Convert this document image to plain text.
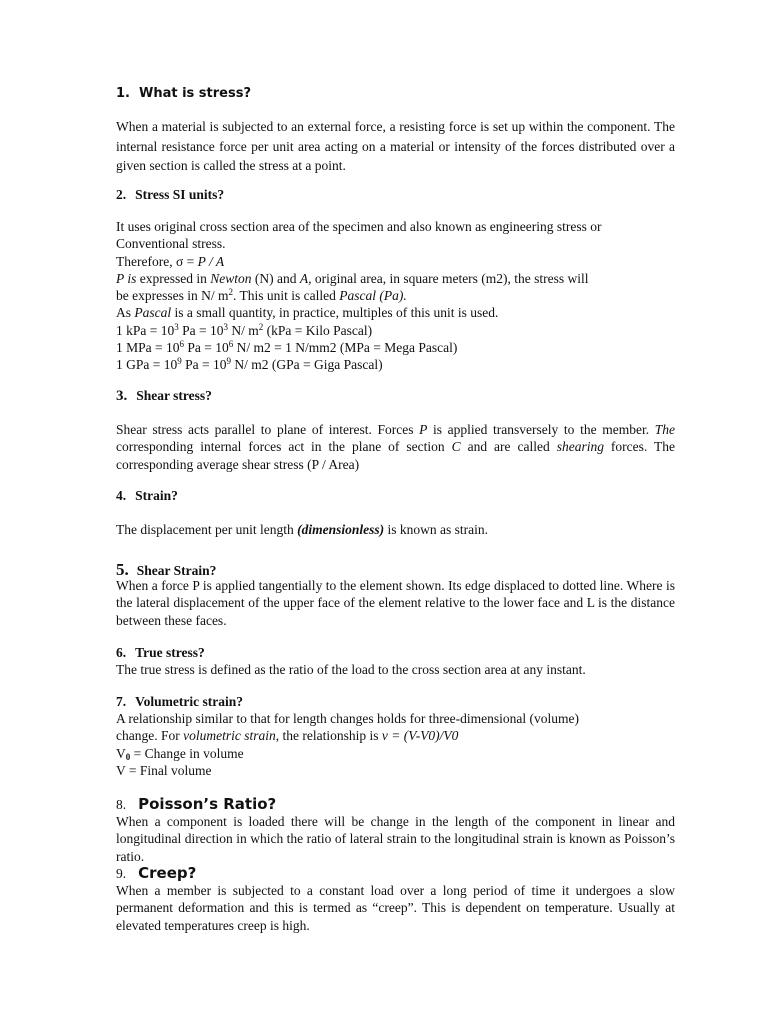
1. What is stress?
When a material is subjected to an external force, a resisting force is set up within the component. The internal resistance force per unit area acting on a material or intensity of the forces distributed over a given section is called the stress at a point.
2. Stress SI units?
It uses original cross section area of the specimen and also known as engineering stress or
Conventional stress.
Therefore, σ = P / A
P is expressed in Newton (N) and A, original area, in square meters (m2), the stress will
be expresses in N/ $m^2$. This unit is called Pascal (Pa).
As Pascal is a small quantity, in practice, multiples of this unit is used.
1 kPa = $10^3$ $Pa = 10^3$ N/ $m^2$ (kPa = Kilo Pascal)
1 MPa = $10^6$ $Pa = 10^6$ N/ m2 = 1 N/mm2 (MPa = Mega Pascal)
1 GPa = $10^9$ $Pa = 10^9$ N/ m2 (GPa = Giga Pascal)
3. Shear stress?
Shear stress acts parallel to plane of interest. Forces P is applied transversely to the member. The corresponding internal forces act in the plane of section C and are called shearing forces. The corresponding average shear stress (P / Area)
4. Strain?
The displacement per unit length (dimensionless) is known as strain.
5. Shear Strain?
When a force P is applied tangentially to the element shown. Its edge displaced to dotted line. Where is the lateral displacement of the upper face of the element relative to the lower face and L is the distance between these faces.
6. True stress?
The true stress is defined as the ratio of the load to the cross section area at any instant.
7. Volumetric strain?
A relationship similar to that for length changes holds for three-dimensional (volume)
change. For volumetric strain, the relationship is v = (V-V0)/V0
$V_0$ = Change in volume
V = Final volume
8. Poisson’s Ratio?
When a component is loaded there will be change in the length of the component in linear and longitudinal direction in which the ratio of lateral strain to the longitudinal strain is known as Poisson’s ratio.
9. Creep?
When a member is subjected to a constant load over a long period of time it undergoes a slow permanent deformation and this is termed as “creep”. This is dependent on temperature. Usually at elevated temperatures creep is high.
